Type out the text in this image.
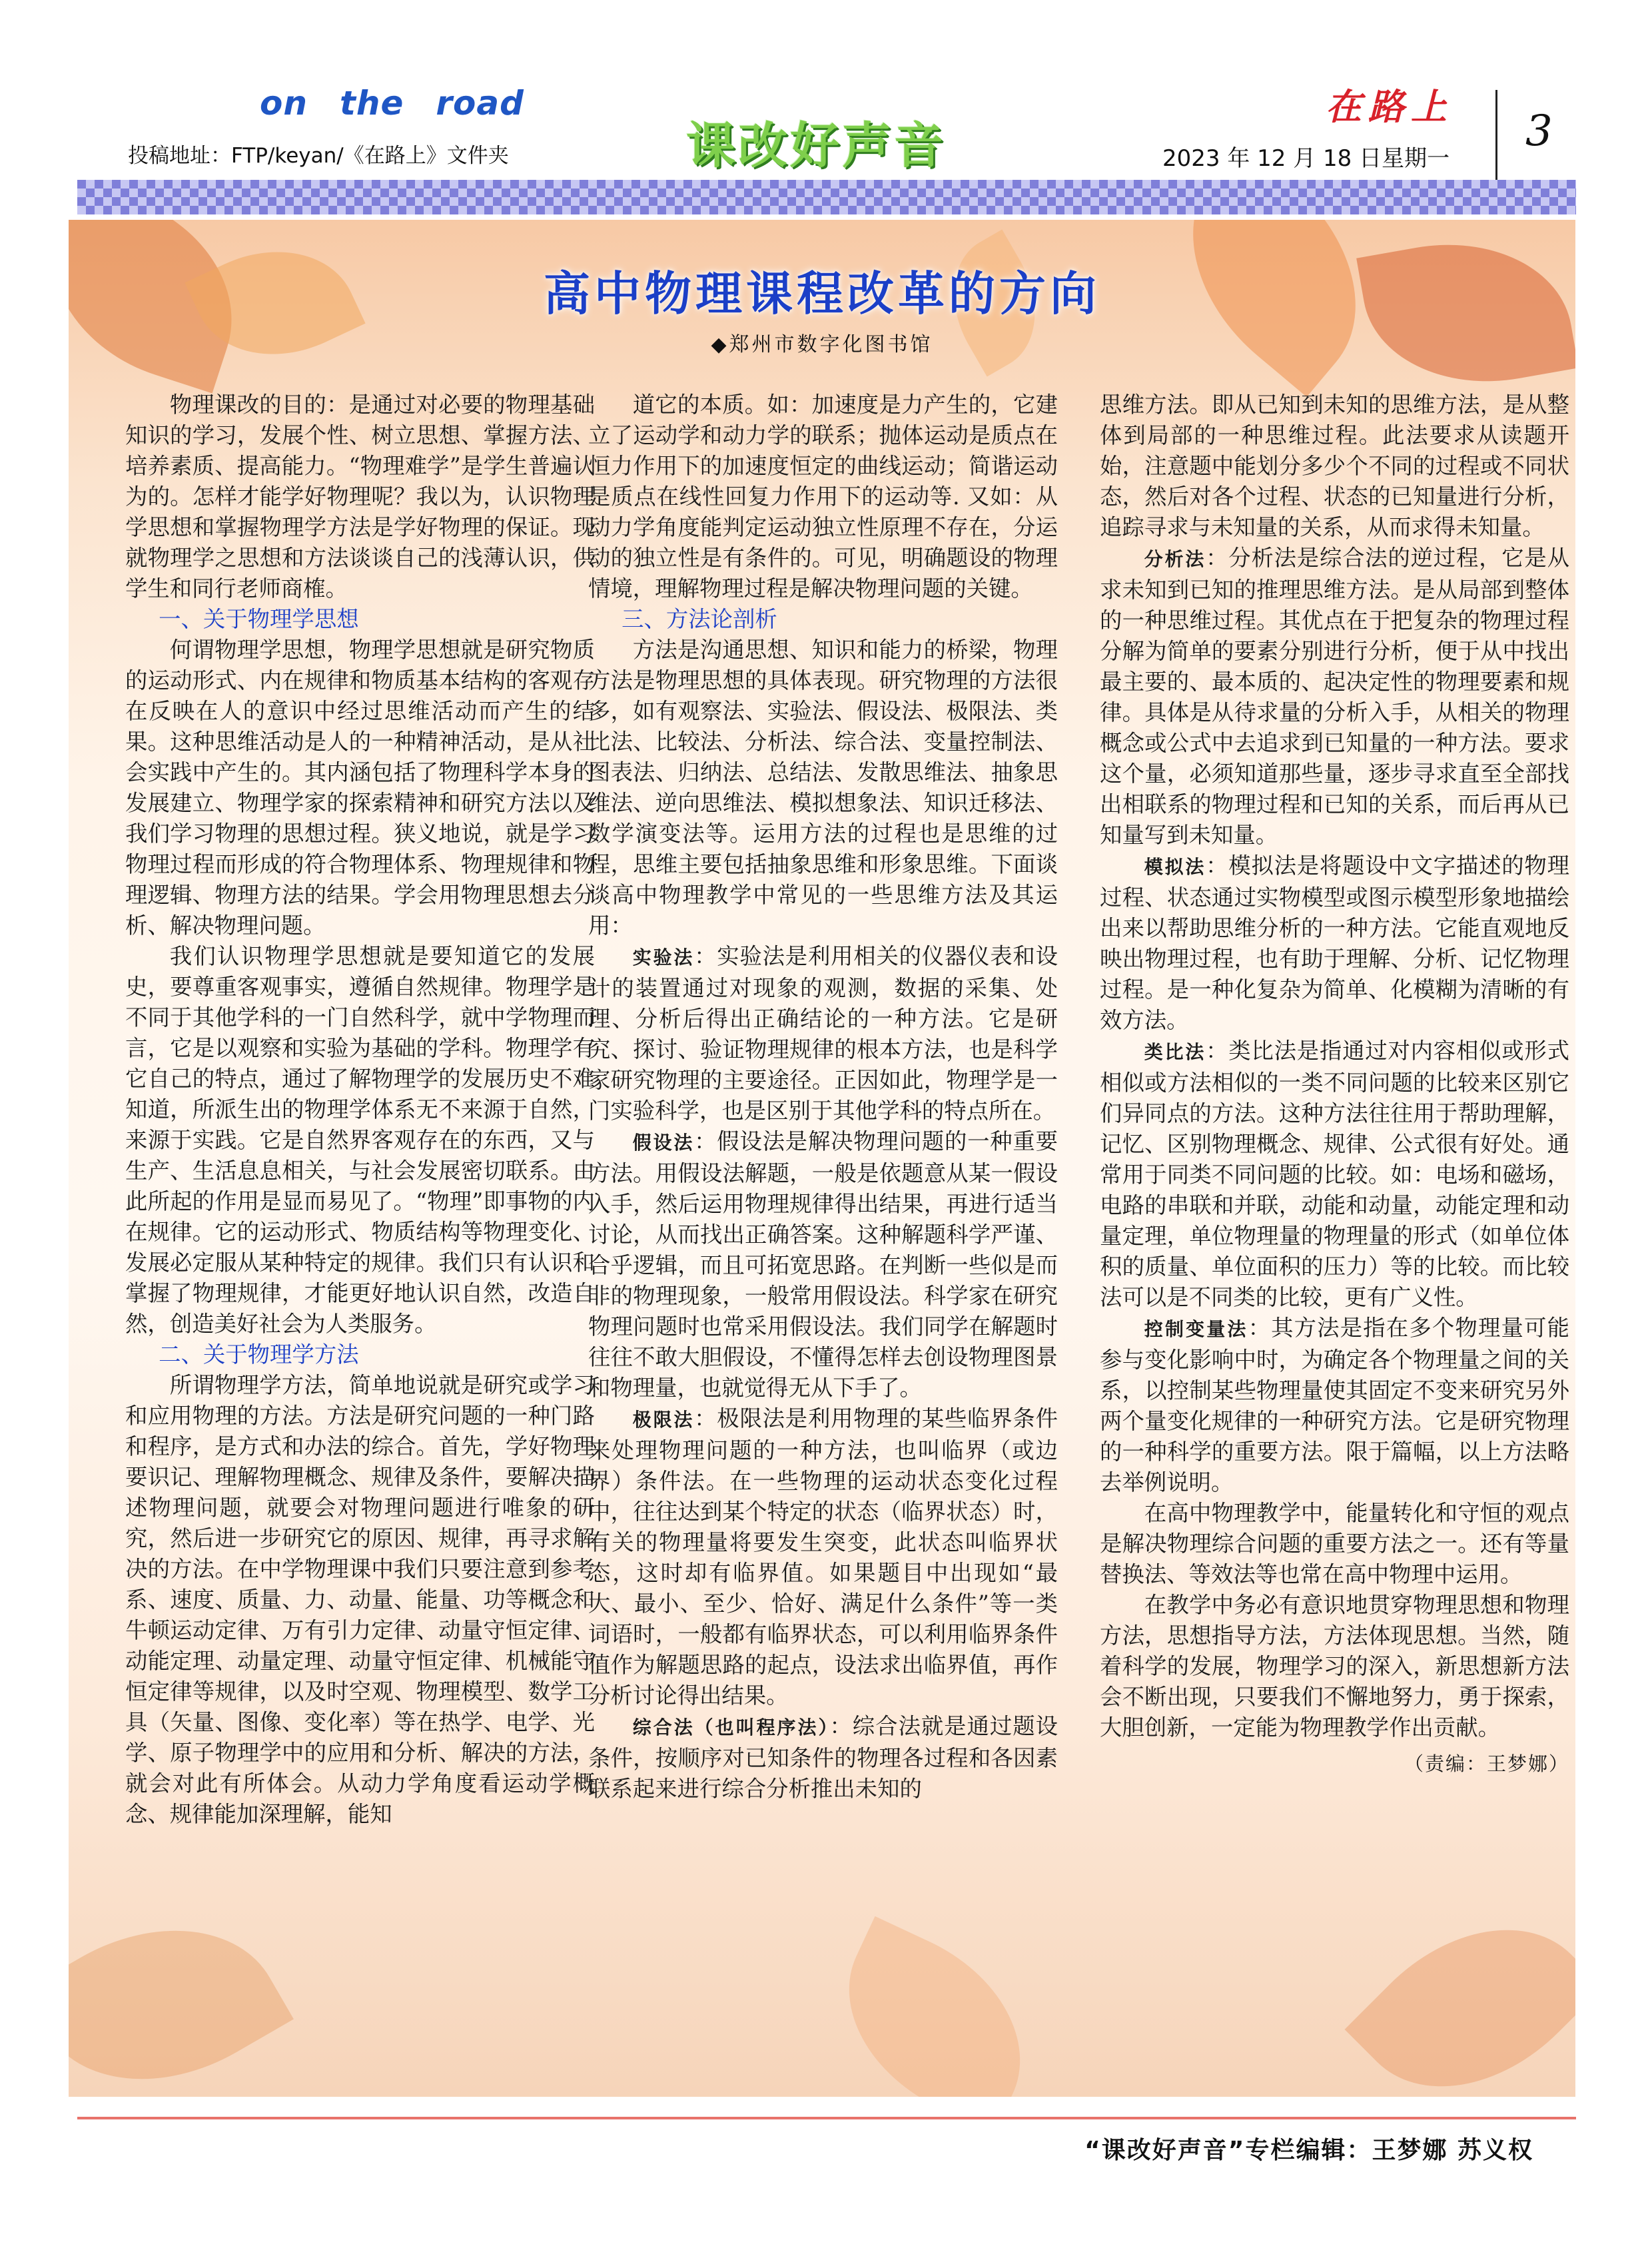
on the road
投稿地址：FTP/keyan/《在路上》文件夹	课改好声音
在路上
2023 年 12 月 18 日星期一
3
高中物理课程改革的方向
◆郑州市数字化图书馆

物理课改的目的：是通过对必要的物理基础知识的学习，发展个性、树立思想、掌握方法、培养素质、提高能力。“物理难学”是学生普遍认为的。怎样才能学好物理呢？我以为，认识物理学思想和掌握物理学方法是学好物理的保证。现就物理学之思想和方法谈谈自己的浅薄认识，供学生和同行老师商榷。

一、关于物理学思想

何谓物理学思想，物理学思想就是研究物质的运动形式、内在规律和物质基本结构的客观存在反映在人的意识中经过思维活动而产生的结果。这种思维活动是人的一种精神活动，是从社会实践中产生的。其内涵包括了物理科学本身的发展建立、物理学家的探索精神和研究方法以及我们学习物理的思想过程。狭义地说，就是学习物理过程而形成的符合物理体系、物理规律和物理逻辑、物理方法的结果。学会用物理思想去分析、解决物理问题。

我们认识物理学思想就是要知道它的发展史，要尊重客观事实，遵循自然规律。物理学是不同于其他学科的一门自然科学，就中学物理而言，它是以观察和实验为基础的学科。物理学有它自己的特点，通过了解物理学的发展历史不难知道，所派生出的物理学体系无不来源于自然，来源于实践。它是自然界客观存在的东西，又与生产、生活息息相关，与社会发展密切联系。由此所起的作用是显而易见了。“物理”即事物的内在规律。它的运动形式、物质结构等物理变化、发展必定服从某种特定的规律。我们只有认识和掌握了物理规律，才能更好地认识自然，改造自然，创造美好社会为人类服务。

二、关于物理学方法

所谓物理学方法，简单地说就是研究或学习和应用物理的方法。方法是研究问题的一种门路和程序，是方式和办法的综合。首先，学好物理要识记、理解物理概念、规律及条件，要解决描述物理问题，就要会对物理问题进行唯象的研究，然后进一步研究它的原因、规律，再寻求解决的方法。在中学物理课中我们只要注意到参考系、速度、质量、力、动量、能量、功等概念和牛顿运动定律、万有引力定律、动量守恒定律、动能定理、动量定理、动量守恒定律、机械能守恒定律等规律，以及时空观、物理模型、数学工具（矢量、图像、变化率）等在热学、电学、光学、原子物理学中的应用和分析、解决的方法，就会对此有所体会。从动力学角度看运动学概念、规律能加深理解，能知

道它的本质。如：加速度是力产生的，它建立了运动学和动力学的联系；抛体运动是质点在恒力作用下的加速度恒定的曲线运动；简谐运动是质点在线性回复力作用下的运动等. 又如：从动力学角度能判定运动独立性原理不存在，分运动的独立性是有条件的。可见，明确题设的物理情境，理解物理过程是解决物理问题的关键。

三、方法论剖析

方法是沟通思想、知识和能力的桥梁，物理方法是物理思想的具体表现。研究物理的方法很多，如有观察法、实验法、假设法、极限法、类比法、比较法、分析法、综合法、变量控制法、图表法、归纳法、总结法、发散思维法、抽象思维法、逆向思维法、模拟想象法、知识迁移法、数学演变法等。运用方法的过程也是思维的过程，思维主要包括抽象思维和形象思维。下面谈谈高中物理教学中常见的一些思维方法及其运用：

实验法：实验法是利用相关的仪器仪表和设计的装置通过对现象的观测，数据的采集、处理、分析后得出正确结论的一种方法。它是研究、探讨、验证物理规律的根本方法，也是科学家研究物理的主要途径。正因如此，物理学是一门实验科学，也是区别于其他学科的特点所在。

假设法：假设法是解决物理问题的一种重要方法。用假设法解题，一般是依题意从某一假设入手，然后运用物理规律得出结果，再进行适当讨论，从而找出正确答案。这种解题科学严谨、合乎逻辑，而且可拓宽思路。在判断一些似是而非的物理现象，一般常用假设法。科学家在研究物理问题时也常采用假设法。我们同学在解题时往往不敢大胆假设，不懂得怎样去创设物理图景和物理量，也就觉得无从下手了。

极限法：极限法是利用物理的某些临界条件来处理物理问题的一种方法，也叫临界（或边界）条件法。在一些物理的运动状态变化过程中，往往达到某个特定的状态（临界状态）时，有关的物理量将要发生突变，此状态叫临界状态，这时却有临界值。如果题目中出现如“最大、最小、至少、恰好、满足什么条件”等一类词语时，一般都有临界状态，可以利用临界条件值作为解题思路的起点，设法求出临界值，再作分析讨论得出结果。

综合法（也叫程序法）：综合法就是通过题设条件，按顺序对已知条件的物理各过程和各因素联系起来进行综合分析推出未知的

思维方法。即从已知到未知的思维方法，是从整体到局部的一种思维过程。此法要求从读题开始，注意题中能划分多少个不同的过程或不同状态，然后对各个过程、状态的已知量进行分析，追踪寻求与未知量的关系，从而求得未知量。

分析法：分析法是综合法的逆过程，它是从求未知到已知的推理思维方法。是从局部到整体的一种思维过程。其优点在于把复杂的物理过程分解为简单的要素分别进行分析，便于从中找出最主要的、最本质的、起决定性的物理要素和规律。具体是从待求量的分析入手，从相关的物理概念或公式中去追求到已知量的一种方法。要求这个量，必须知道那些量，逐步寻求直至全部找出相联系的物理过程和已知的关系，而后再从已知量写到未知量。

模拟法：模拟法是将题设中文字描述的物理过程、状态通过实物模型或图示模型形象地描绘出来以帮助思维分析的一种方法。它能直观地反映出物理过程，也有助于理解、分析、记忆物理过程。是一种化复杂为简单、化模糊为清晰的有效方法。

类比法：类比法是指通过对内容相似或形式相似或方法相似的一类不同问题的比较来区别它们异同点的方法。这种方法往往用于帮助理解，记忆、区别物理概念、规律、公式很有好处。通常用于同类不同问题的比较。如：电场和磁场，电路的串联和并联，动能和动量，动能定理和动量定理，单位物理量的物理量的形式（如单位体积的质量、单位面积的压力）等的比较。而比较法可以是不同类的比较，更有广义性。

控制变量法：其方法是指在多个物理量可能参与变化影响中时，为确定各个物理量之间的关系，以控制某些物理量使其固定不变来研究另外两个量变化规律的一种研究方法。它是研究物理的一种科学的重要方法。限于篇幅，以上方法略去举例说明。

在高中物理教学中，能量转化和守恒的观点是解决物理综合问题的重要方法之一。还有等量替换法、等效法等也常在高中物理中运用。

在教学中务必有意识地贯穿物理思想和物理方法，思想指导方法，方法体现思想。当然，随着科学的发展，物理学习的深入，新思想新方法会不断出现，只要我们不懈地努力，勇于探索，大胆创新，一定能为物理教学作出贡献。

（责编：王梦娜）
“课改好声音”专栏编辑：王梦娜 苏义权
